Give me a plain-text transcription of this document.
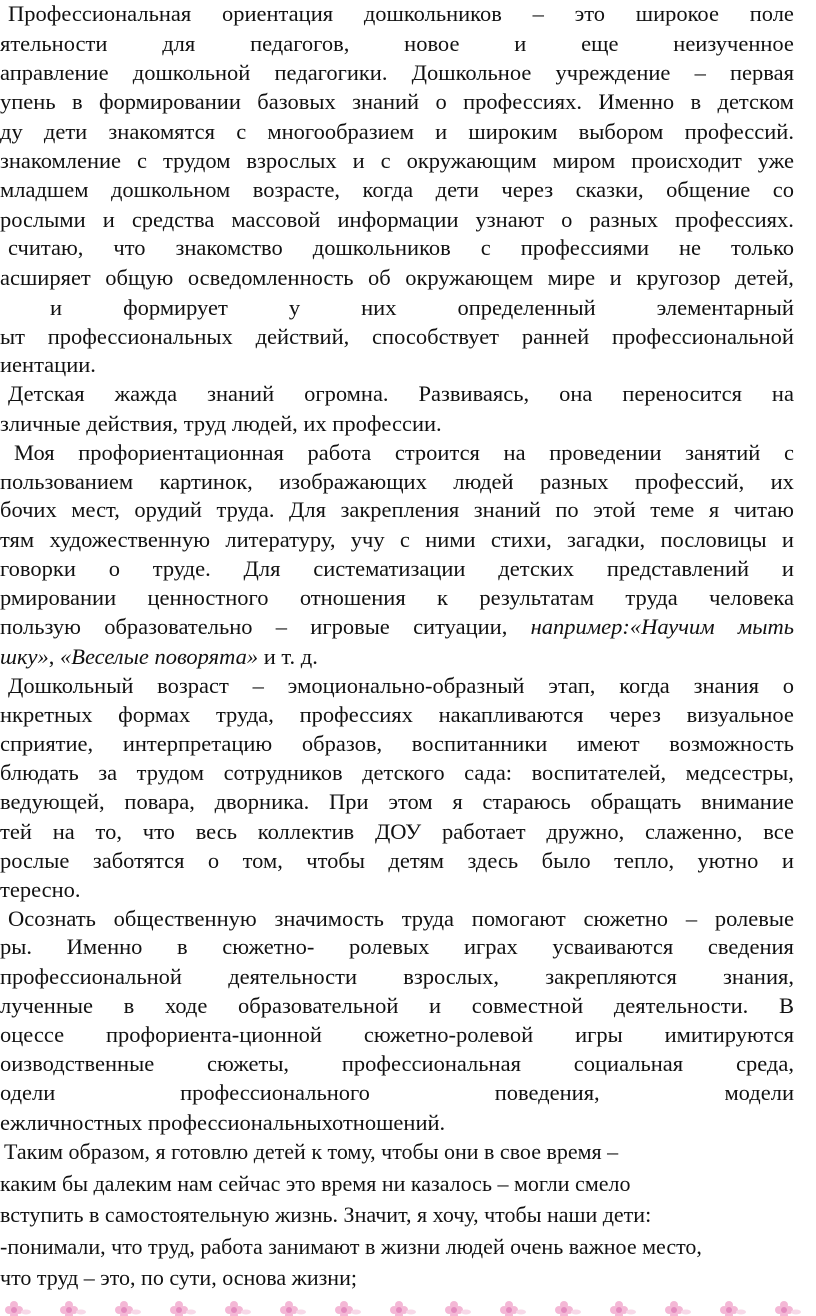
Профессиональная ориентация дошкольников – это широкое поле
ятельности для педагогов, новое и еще неизученное
аправление дошкольной педагогики. Дошкольное учреждение – первая
упень в формировании базовых знаний о профессиях. Именно в детском
ду дети знакомятся с многообразием и широким выбором профессий.
знакомление с трудом взрослых и с окружающим миром происходит уже
младшем дошкольном возрасте, когда дети через сказки, общение со
рослыми и средства массовой информации узнают о разных профессиях.
считаю, что знакомство дошкольников с профессиями не только
асширяет общую осведомленность об окружающем мире и кругозор детей,
и	формирует	у	них	определенный	элементарный
ыт профессиональных действий, способствует ранней профессиональной
иентации.
Детская жажда знаний огромна. Развиваясь, она переносится на
зличные действия, труд людей, их профессии.
Моя профориентационная работа строится на проведении занятий с
пользованием картинок, изображающих людей разных профессий, их
бочих мест, орудий труда. Для закрепления знаний по этой теме я читаю
тям художественную литературу, учу с ними стихи, загадки, пословицы и
говорки о труде. Для систематизации детских представлений и
рмировании ценностного отношения к результатам труда человека
пользую образовательно – игровые ситуации, например:«Научим мыть
шку», «Веселые поворята» и т. д.
Дошкольный возраст – эмоционально-образный этап, когда знания о
нкретных формах труда, профессиях накапливаются через визуальное
сприятие, интерпретацию образов, воспитанники имеют возможность
блюдать за трудом сотрудников детского сада: воспитателей, медсестры,
ведующей, повара, дворника. При этом я стараюсь обращать внимание
тей на то, что весь коллектив ДОУ работает дружно, слаженно, все
рослые заботятся о том, чтобы детям здесь было тепло, уютно и
тересно.
Осознать общественную значимость труда помогают сюжетно – ролевые
ры. Именно в сюжетно- ролевых играх усваиваются сведения
профессиональной деятельности взрослых, закрепляются знания,
лученные в ходе образовательной и совместной деятельности. В
оцессе профориента-ционной сюжетно-ролевой игры имитируются
оизводственные сюжеты, профессиональная социальная среда,
одели	профессионального	поведения,	модели
ежличностных профессиональныхотношений.
Таким образом, я готовлю детей к тому, чтобы они в свое время –
каким бы далеким нам сейчас это время ни казалось – могли смело
вступить в самостоятельную жизнь. Значит, я хочу, чтобы наши дети:
-понимали, что труд, работа занимают в жизни людей очень важное место,
что труд – это, по сути, основа жизни;
